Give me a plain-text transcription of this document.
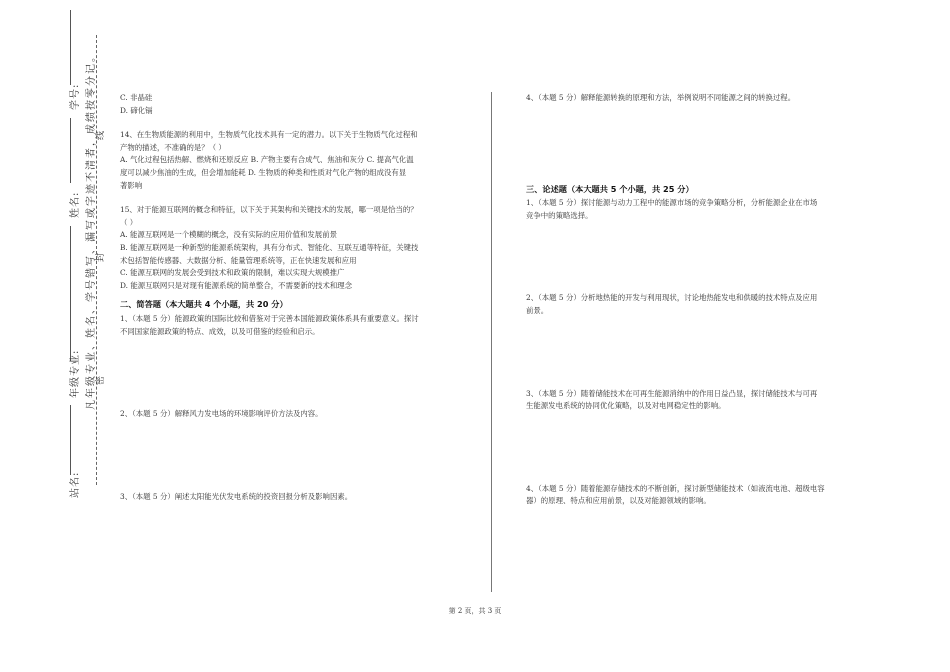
学号:
姓名:
年级专业:
站名:
凡年级专业、姓名、学号错写、漏写或字迹不清者，成绩按零分记。 线
封
密

C. 非晶硅

D. 碲化镉

14、在生物质能源的利用中，生物质气化技术具有一定的潜力。以下关于生物质气化过程和

产物的描述，不准确的是？（ ）

A. 气化过程包括热解、燃烧和还原反应 B. 产物主要有合成气、焦油和灰分 C. 提高气化温

度可以减少焦油的生成，但会增加能耗 D. 生物质的种类和性质对气化产物的组成没有显

著影响

15、对于能源互联网的概念和特征，以下关于其架构和关键技术的发展，哪一项是恰当的？

（ ）

A. 能源互联网是一个模糊的概念，没有实际的应用价值和发展前景

B. 能源互联网是一种新型的能源系统架构，具有分布式、智能化、互联互通等特征，关键技

术包括智能传感器、大数据分析、能量管理系统等，正在快速发展和应用

C. 能源互联网的发展会受到技术和政策的限制，难以实现大规模推广

D. 能源互联网只是对现有能源系统的简单整合，不需要新的技术和理念

二、简答题（本大题共 4 个小题，共 20 分）

1、（本题 5 分）能源政策的国际比较和借鉴对于完善本国能源政策体系具有重要意义。探讨

不同国家能源政策的特点、成效，以及可借鉴的经验和启示。

2、（本题 5 分）解释风力发电场的环境影响评价方法及内容。

3、（本题 5 分）阐述太阳能光伏发电系统的投资回报分析及影响因素。

4、（本题 5 分）解释能源转换的原理和方法，举例说明不同能源之间的转换过程。

三、论述题（本大题共 5 个小题，共 25 分）

1、（本题 5 分）探讨能源与动力工程中的能源市场的竞争策略分析，分析能源企业在市场

竞争中的策略选择。

2、（本题 5 分）分析地热能的开发与利用现状，讨论地热能发电和供暖的技术特点及应用

前景。

3、（本题 5 分）随着储能技术在可再生能源消纳中的作用日益凸显，探讨储能技术与可再

生能源发电系统的协同优化策略，以及对电网稳定性的影响。

4、（本题 5 分）随着能源存储技术的不断创新，探讨新型储能技术（如液流电池、超级电容

器）的原理、特点和应用前景，以及对能源领域的影响。

第 2 页，共 3 页
